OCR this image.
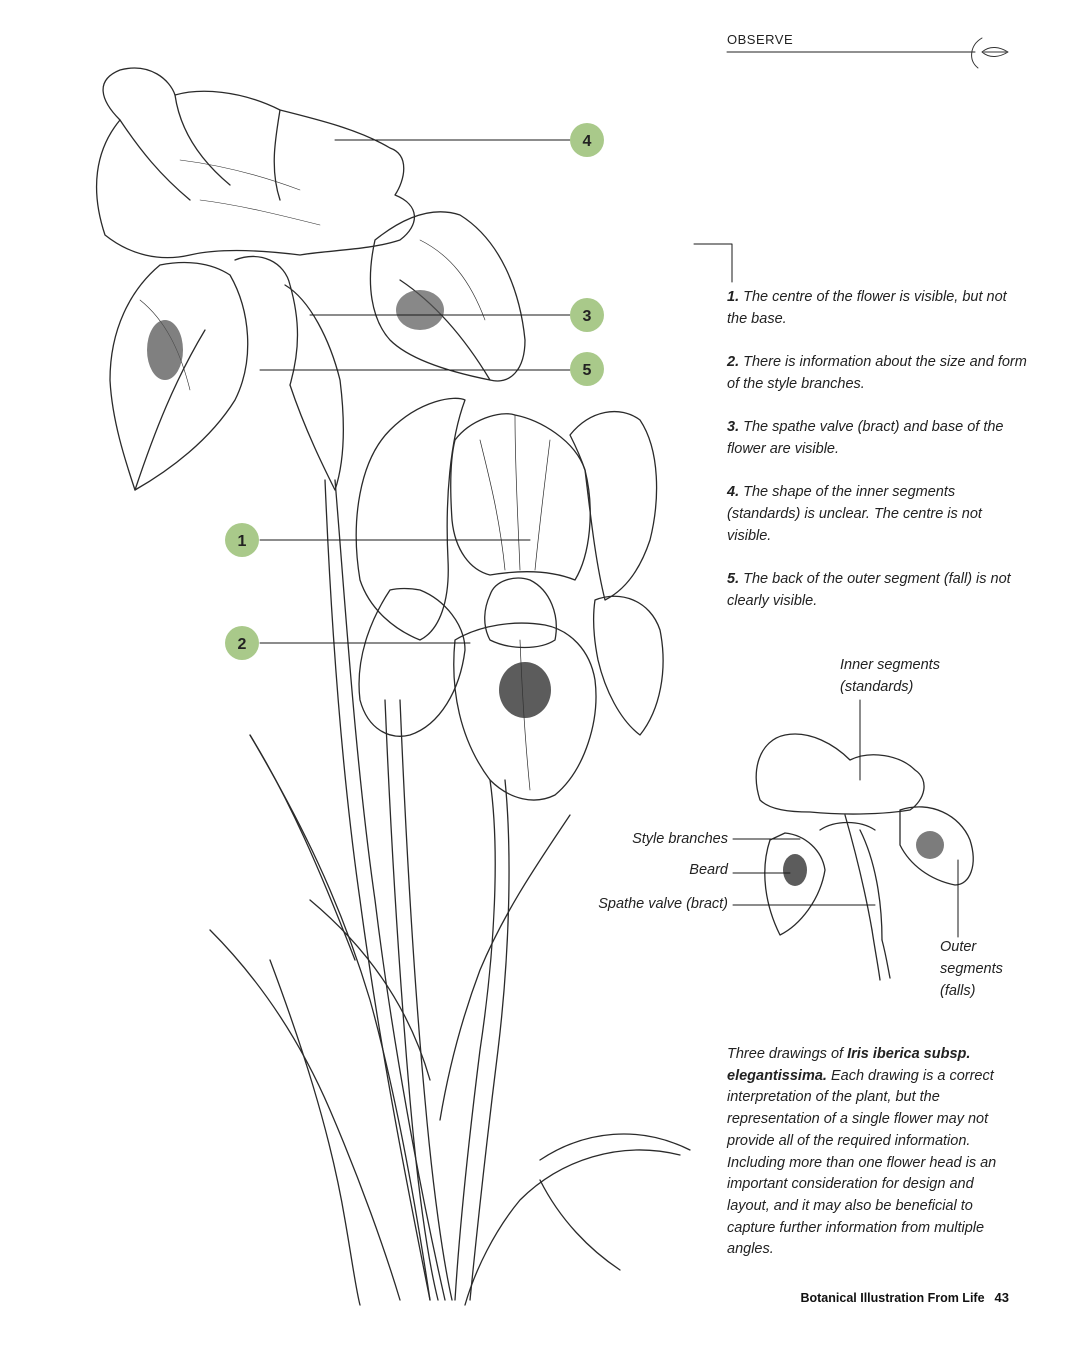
4
3
5
1
2
OBSERVE

1. The centre of the flower is visible, but not the base.

2. There is information about the size and form of the style branches.

3. The spathe valve (bract) and base of the flower are visible.

4. The shape of the inner segments (standards) is unclear. The centre is not visible.

5. The back of the outer segment (fall) is not clearly visible.

Inner segments
(standards)
Style branches
Beard
Spathe valve (bract)
Outer
segments
(falls)
Three drawings of Iris iberica subsp. elegantissima. Each drawing is a correct interpretation of the plant, but the representation of a single flower may not provide all of the required information. Including more than one flower head is an important consideration for design and layout, and it may also be beneficial to capture further information from multiple angles.
Botanical Illustration From Life 43
